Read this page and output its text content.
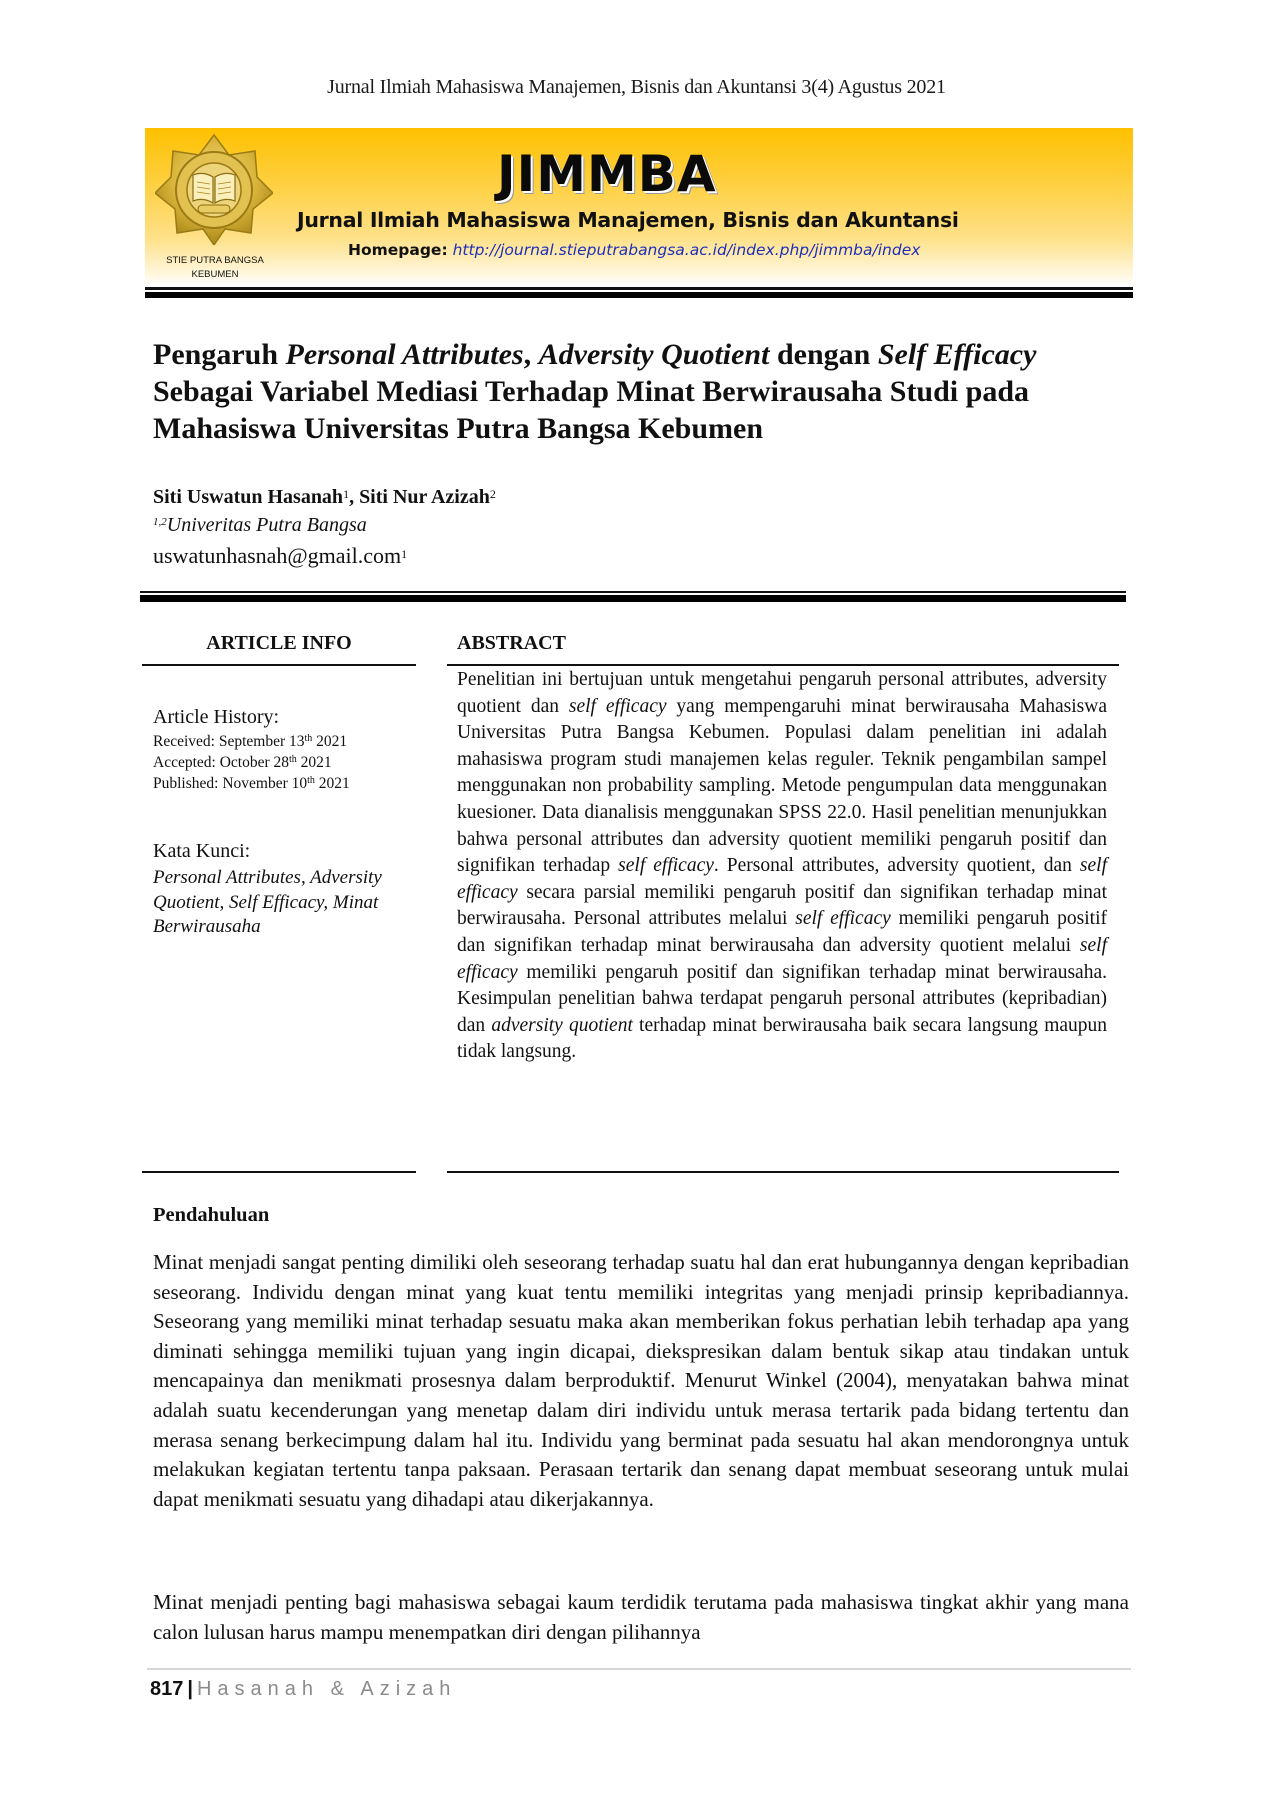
Jurnal Ilmiah Mahasiswa Manajemen, Bisnis dan Akuntansi 3(4) Agustus 2021
STIE PUTRA BANGSA
KEBUMEN
JIMMBA
Jurnal Ilmiah Mahasiswa Manajemen, Bisnis dan Akuntansi
Homepage: http://journal.stieputrabangsa.ac.id/index.php/jimmba/index
Pengaruh Personal Attributes, Adversity Quotient dengan Self Efficacy Sebagai Variabel Mediasi Terhadap Minat Berwirausaha Studi pada Mahasiswa Universitas Putra Bangsa Kebumen
Siti Uswatun Hasanah$^1$, Siti Nur Azizah$^2$
$^{1,2}$Univeritas Putra Bangsa
uswatunhasnah@gmail.com$^1$
ARTICLE INFO
Article History:
Received: September 13th 2021
Accepted: October 28th 2021
Published: November 10th 2021
Kata Kunci:
Personal Attributes, Adversity Quotient, Self Efficacy, Minat Berwirausaha
ABSTRACT

Penelitian ini bertujuan untuk mengetahui pengaruh personal attributes, adversity quotient dan self efficacy yang mempengaruhi minat berwirausaha Mahasiswa Universitas Putra Bangsa Kebumen. Populasi dalam penelitian ini adalah mahasiswa program studi manajemen kelas reguler. Teknik pengambilan sampel menggunakan non probability sampling. Metode pengumpulan data menggunakan kuesioner. Data dianalisis menggunakan SPSS 22.0. Hasil penelitian menunjukkan bahwa personal attributes dan adversity quotient memiliki pengaruh positif dan signifikan terhadap self efficacy. Personal attributes, adversity quotient, dan self efficacy secara parsial memiliki pengaruh positif dan signifikan terhadap minat berwirausaha. Personal attributes melalui self efficacy memiliki pengaruh positif dan signifikan terhadap minat berwirausaha dan adversity quotient melalui self efficacy memiliki pengaruh positif dan signifikan terhadap minat berwirausaha. Kesimpulan penelitian bahwa terdapat pengaruh personal attributes (kepribadian) dan adversity quotient terhadap minat berwirausaha baik secara langsung maupun tidak langsung.

Pendahuluan

Minat menjadi sangat penting dimiliki oleh seseorang terhadap suatu hal dan erat hubungannya dengan kepribadian seseorang. Individu dengan minat yang kuat tentu memiliki integritas yang menjadi prinsip kepribadiannya. Seseorang yang memiliki minat terhadap sesuatu maka akan memberikan fokus perhatian lebih terhadap apa yang diminati sehingga memiliki tujuan yang ingin dicapai, diekspresikan dalam bentuk sikap atau tindakan untuk mencapainya dan menikmati prosesnya dalam berproduktif. Menurut Winkel (2004), menyatakan bahwa minat adalah suatu kecenderungan yang menetap dalam diri individu untuk merasa tertarik pada bidang tertentu dan merasa senang berkecimpung dalam hal itu. Individu yang berminat pada sesuatu hal akan mendorongnya untuk melakukan kegiatan tertentu tanpa paksaan. Perasaan tertarik dan senang dapat membuat seseorang untuk mulai dapat menikmati sesuatu yang dihadapi atau dikerjakannya.

Minat menjadi penting bagi mahasiswa sebagai kaum terdidik terutama pada mahasiswa tingkat akhir yang mana calon lulusan harus mampu menempatkan diri dengan pilihannya

817 | Hasanah & Azizah
